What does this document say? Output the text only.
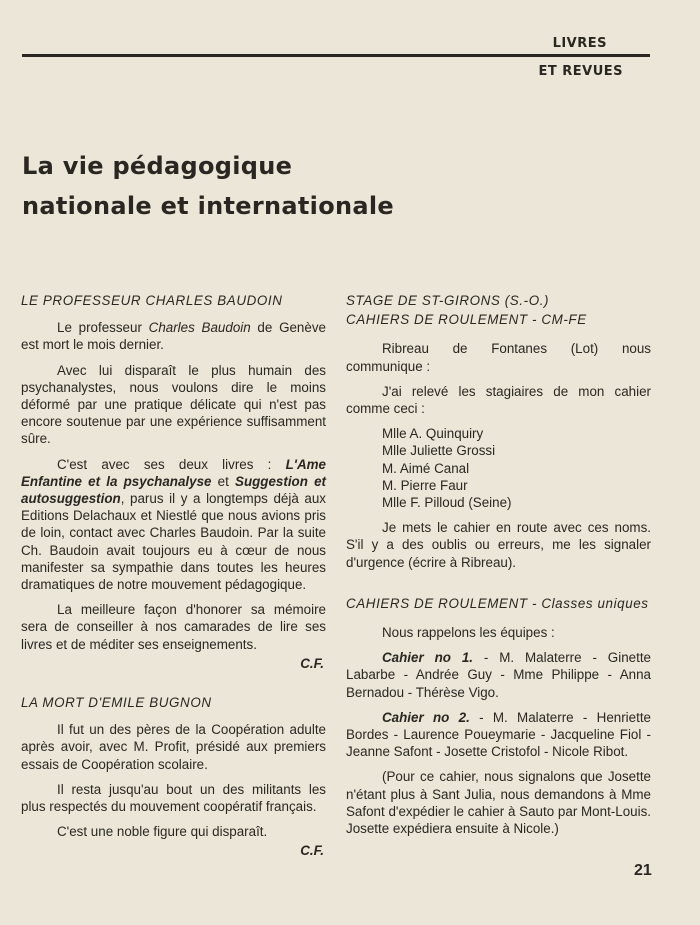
LIVRES
ET REVUES
La vie pédagogique
nationale et internationale
LE PROFESSEUR CHARLES BAUDOIN

Le professeur Charles Baudoin de Genève est mort le mois dernier.

Avec lui disparaît le plus humain des psychanalystes, nous voulons dire le moins déformé par une pratique délicate qui n'est pas encore soutenue par une expérience suffisamment sûre.

C'est avec ses deux livres : L'Ame Enfantine et la psychanalyse et Suggestion et autosuggestion, parus il y a longtemps déjà aux Editions Delachaux et Niestlé que nous avions pris de loin, contact avec Charles Baudoin. Par la suite Ch. Baudoin avait toujours eu à cœur de nous manifester sa sympathie dans toutes les heures dramatiques de notre mouvement pédagogique.

La meilleure façon d'honorer sa mémoire sera de conseiller à nos camarades de lire ses livres et de méditer ses enseignements.

C.F.

LA MORT D'EMILE BUGNON

Il fut un des pères de la Coopération adulte après avoir, avec M. Profit, présidé aux premiers essais de Coopération scolaire.

Il resta jusqu'au bout un des militants les plus respectés du mouvement coopératif français.

C'est une noble figure qui disparaît.

C.F.

STAGE DE ST-GIRONS (S.-O.)
CAHIERS DE ROULEMENT - CM-FE

Ribreau de Fontanes (Lot) nous communique :

J'ai relevé les stagiaires de mon cahier comme ceci :

Mlle A. Quinquiry
Mlle Juliette Grossi
M. Aimé Canal
M. Pierre Faur
Mlle F. Pilloud (Seine)

Je mets le cahier en route avec ces noms. S'il y a des oublis ou erreurs, me les signaler d'urgence (écrire à Ribreau).

CAHIERS DE ROULEMENT - Classes uniques

Nous rappelons les équipes :

Cahier no 1. - M. Malaterre - Ginette Labarbe - Andrée Guy - Mme Philippe - Anna Bernadou - Thérèse Vigo.

Cahier no 2. - M. Malaterre - Henriette Bordes - Laurence Poueymarie - Jacqueline Fiol - Jeanne Safont - Josette Cristofol - Nicole Ribot.

(Pour ce cahier, nous signalons que Josette n'étant plus à Sant Julia, nous demandons à Mme Safont d'expédier le cahier à Sauto par Mont-Louis. Josette expédiera ensuite à Nicole.)

21
